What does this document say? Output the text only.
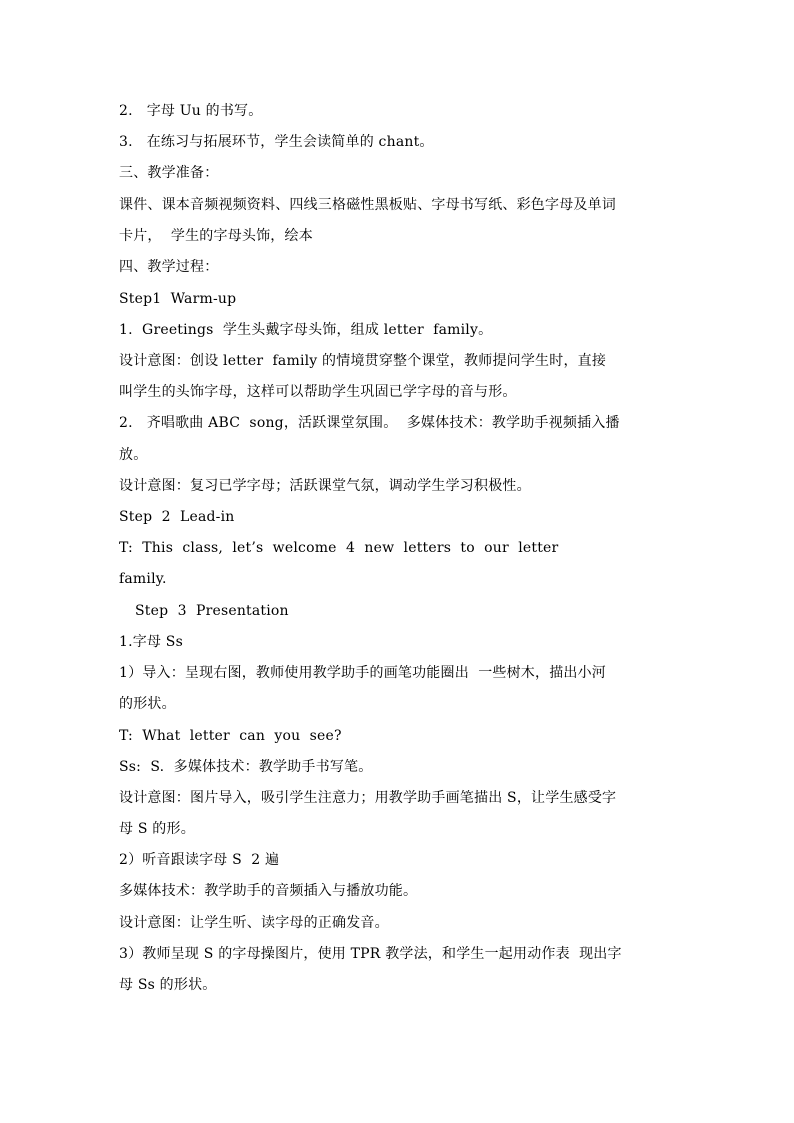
2.   字母 Uu 的书写。
3.   在练习与拓展环节，学生会读简单的 chant。
三、教学准备：
课件、课本音频视频资料、四线三格磁性黑板贴、字母书写纸、彩色字母及单词
卡片，  学生的字母头饰，绘本
四、教学过程：
Step1  Warm-up
1.  Greetings  学生头戴字母头饰，组成 letter  family。
设计意图：创设 letter  family 的情境贯穿整个课堂，教师提问学生时，直接
叫学生的头饰字母，这样可以帮助学生巩固已学字母的音与形。
2.   齐唱歌曲 ABC  song，活跃课堂氛围。  多媒体技术：教学助手视频插入播
放。
设计意图：复习已学字母；活跃课堂气氛，调动学生学习积极性。
Step  2  Lead-in
T:  This  class,  let’s  welcome  4  new  letters  to  our  letter
family.
Step  3  Presentation
1.字母 Ss
1）导入：呈现右图，教师使用教学助手的画笔功能圈出  一些树木，描出小河
的形状。
T:  What  letter  can  you  see?
Ss:  S.  多媒体技术：教学助手书写笔。
设计意图：图片导入，吸引学生注意力；用教学助手画笔描出 S，让学生感受字
母 S 的形。
2）听音跟读字母 S  2 遍
多媒体技术：教学助手的音频插入与播放功能。
设计意图：让学生听、读字母的正确发音。
3）教师呈现 S 的字母操图片，使用 TPR 教学法，和学生一起用动作表  现出字
母 Ss 的形状。
